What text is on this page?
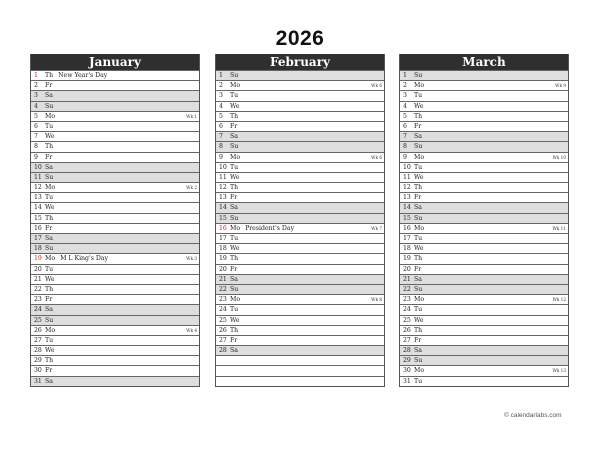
2026
January
1 Th New Year's Day
2 Fr
3 Sa
4 Su
5 Mo	Wk 1
6 Tu
7 We
8 Th
9 Fr
10 Sa
11 Su
12 Mo	Wk 2
13 Tu
14 We
15 Th
16 Fr
17 Sa
18 Su
19 Mo M L King's Day	Wk 3
20 Tu
21 We
22 Th
23 Fr
24 Sa
25 Su
26 Mo	Wk 4
27 Tu
28 We
29 Th
30 Fr
31 Sa
February
1 Su
2 Mo	Wk 6
3 Tu
4 We
5 Th
6 Fr
7 Sa
8 Su
9 Mo	Wk 6
10 Tu
11 We
12 Th
13 Fr
14 Sa
15 Su
16 Mo President's Day	Wk 7
17 Tu
18 We
19 Th
20 Fr
21 Sa
22 Su
23 Mo	Wk 8
24 Tu
25 We
26 Th
27 Fr
28 Sa
March
1 Su
2 Mo	Wk 9
3 Tu
4 We
5 Th
6 Fr
7 Sa
8 Su
9 Mo	Wk 10
10 Tu
11 We
12 Th
13 Fr
14 Sa
15 Su
16 Mo	Wk 11
17 Tu
18 We
19 Th
20 Fr
21 Sa
22 Su
23 Mo	Wk 12
24 Tu
25 We
26 Th
27 Fr
28 Sa
29 Su
30 Mo	Wk 13
31 Tu
© calendarlabs.com
